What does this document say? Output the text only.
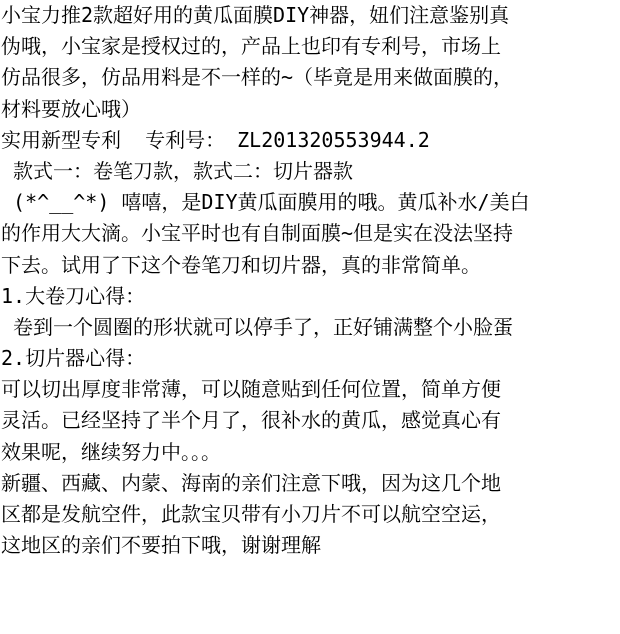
小宝力推2款超好用的黄瓜面膜DIY神器，妞们注意鉴别真
伪哦，小宝家是授权过的，产品上也印有专利号，市场上
仿品很多，仿品用料是不一样的~（毕竟是用来做面膜的，
材料要放心哦）
实用新型专利  专利号： ZL201320553944.2
款式一：卷笔刀款，款式二：切片器款
(*^__^*) 嘻嘻，是DIY黄瓜面膜用的哦。黄瓜补水/美白
的作用大大滴。小宝平时也有自制面膜~但是实在没法坚持
下去。试用了下这个卷笔刀和切片器，真的非常简单。
1.大卷刀心得：
卷到一个圆圈的形状就可以停手了，正好铺满整个小脸蛋
2.切片器心得：
可以切出厚度非常薄，可以随意贴到任何位置，简单方便
灵活。已经坚持了半个月了，很补水的黄瓜，感觉真心有
效果呢，继续努力中。。。
新疆、西藏、内蒙、海南的亲们注意下哦，因为这几个地
区都是发航空件，此款宝贝带有小刀片不可以航空空运，
这地区的亲们不要拍下哦，谢谢理解
